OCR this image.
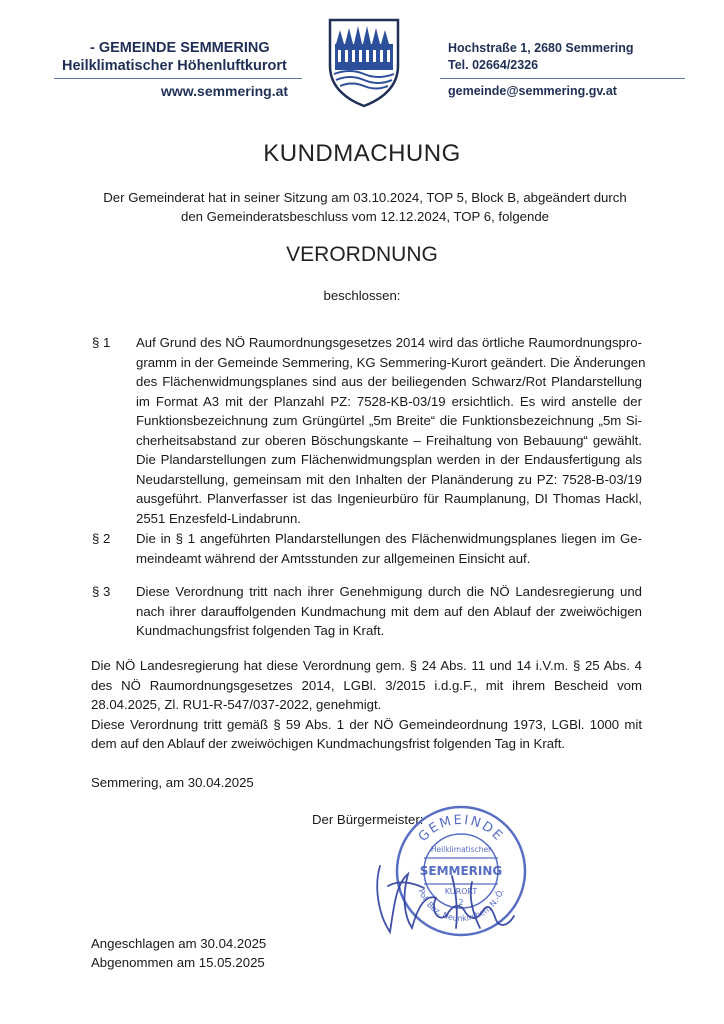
- GEMEINDE SEMMERING
Heilklimatischer Höhenluftkurort
www.semmering.at
Hochstraße 1, 2680 Semmering
Tel. 02664/2326
gemeinde@semmering.gv.at
KUNDMACHUNG
Der Gemeinderat hat in seiner Sitzung am 03.10.2024, TOP 5, Block B, abgeändert durch
den Gemeinderatsbeschluss vom 12.12.2024, TOP 6, folgende
VERORDNUNG
beschlossen:
§ 1 Auf Grund des NÖ Raumordnungsgesetzes 2014 wird das örtliche Raumordnungspro-
gramm in der Gemeinde Semmering, KG Semmering-Kurort geändert. Die Änderungen
des Flächenwidmungsplanes sind aus der beiliegenden Schwarz/Rot Plandarstellung
im Format A3 mit der Planzahl PZ: 7528-KB-03/19 ersichtlich. Es wird anstelle der
Funktionsbezeichnung zum Grüngürtel „5m Breite“ die Funktionsbezeichnung „5m Si-
cherheitsabstand zur oberen Böschungskante – Freihaltung von Bebauung“ gewählt.
Die Plandarstellungen zum Flächenwidmungsplan werden in der Endausfertigung als
Neudarstellung, gemeinsam mit den Inhalten der Planänderung zu PZ: 7528-B-03/19
ausgeführt. Planverfasser ist das Ingenieurbüro für Raumplanung, DI Thomas Hackl,
2551 Enzesfeld-Lindabrunn.
§ 2 Die in § 1 angeführten Plandarstellungen des Flächenwidmungsplanes liegen im Ge-
meindeamt während der Amtsstunden zur allgemeinen Einsicht auf.
§ 3 Diese Verordnung tritt nach ihrer Genehmigung durch die NÖ Landesregierung und
nach ihrer darauffolgenden Kundmachung mit dem auf den Ablauf der zweiwöchigen
Kundmachungsfrist folgenden Tag in Kraft.
Die NÖ Landesregierung hat diese Verordnung gem. § 24 Abs. 11 und 14 i.V.m. § 25 Abs. 4
des NÖ Raumordnungsgesetzes 2014, LGBl. 3/2015 i.d.g.F., mit ihrem Bescheid vom
28.04.2025, Zl. RU1-R-547/037-2022, genehmigt.
Diese Verordnung tritt gemäß § 59 Abs. 1 der NÖ Gemeindeordnung 1973, LGBl. 1000 mit
dem auf den Ablauf der zweiwöchigen Kundmachungsfrist folgenden Tag in Kraft.
Semmering, am 30.04.2025
Der Bürgermeister:
GEMEINDE
Pol. Bez. Neunkirchen, N.-Ö.
Heilklimatischer
SEMMERING
KURORT
2
Angeschlagen am 30.04.2025
Abgenommen am 15.05.2025
